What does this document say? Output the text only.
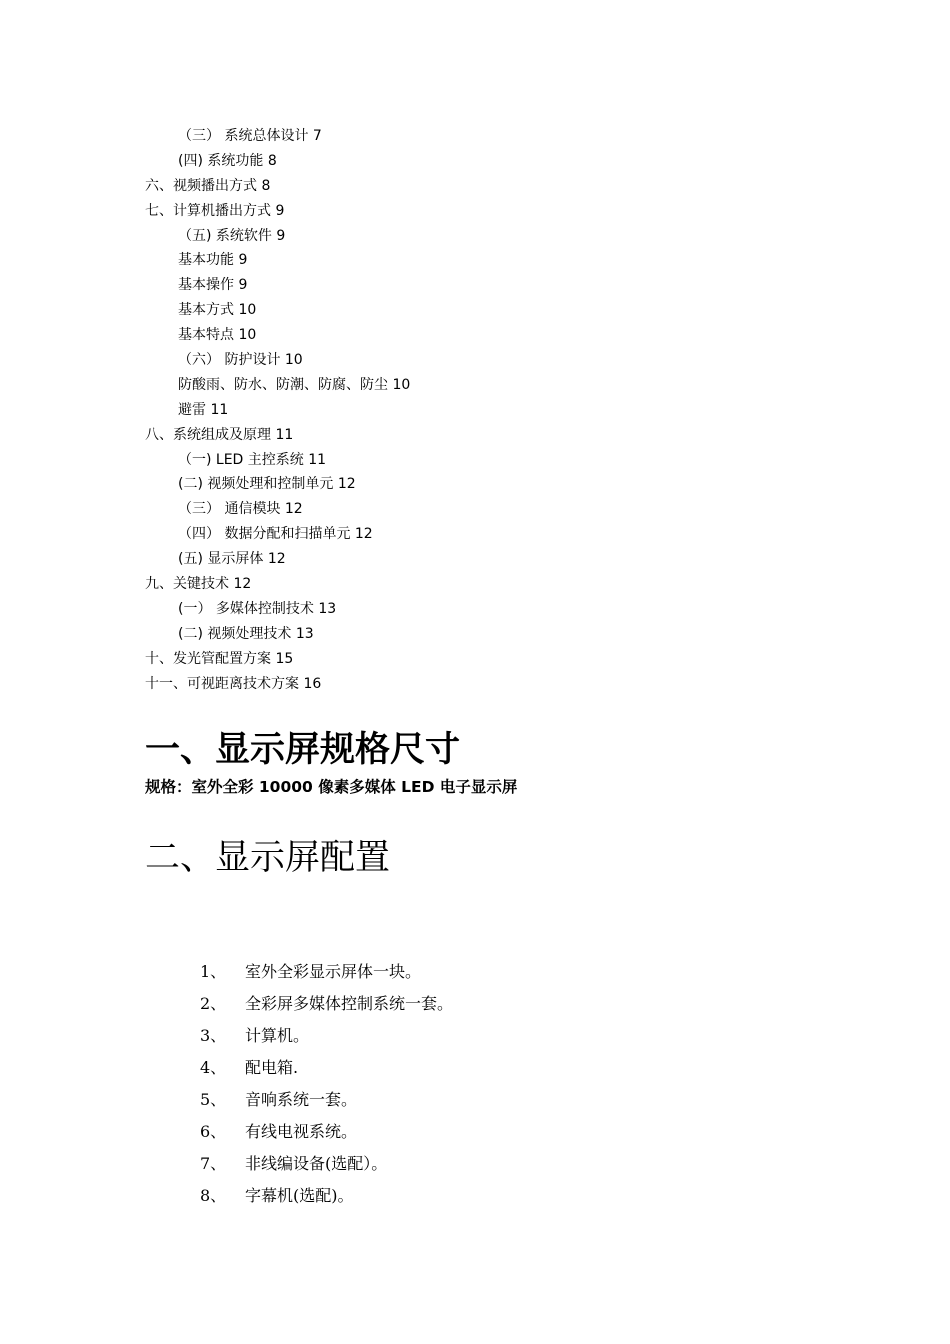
（三） 系统总体设计 7
(四) 系统功能 8
六、视频播出方式 8
七、计算机播出方式 9
（五) 系统软件 9
基本功能 9
基本操作 9
基本方式 10
基本特点 10
（六） 防护设计 10
防酸雨、防水、防潮、防腐、防尘 10
避雷 11
八、系统组成及原理 11
（一) LED 主控系统 11
(二) 视频处理和控制单元 12
（三） 通信模块 12
（四） 数据分配和扫描单元 12
(五) 显示屏体 12
九、关键技术 12
(一） 多媒体控制技术 13
(二) 视频处理技术 13
十、发光管配置方案 15
十一、可视距离技术方案 16
一、显示屏规格尺寸
规格：室外全彩 10000 像素多媒体 LED 电子显示屏
二、显示屏配置
1、 室外全彩显示屏体一块。
2、 全彩屏多媒体控制系统一套。
3、 计算机。
4、 配电箱.
5、 音响系统一套。
6、 有线电视系统。
7、 非线编设备(选配）。
8、 字幕机(选配)。
